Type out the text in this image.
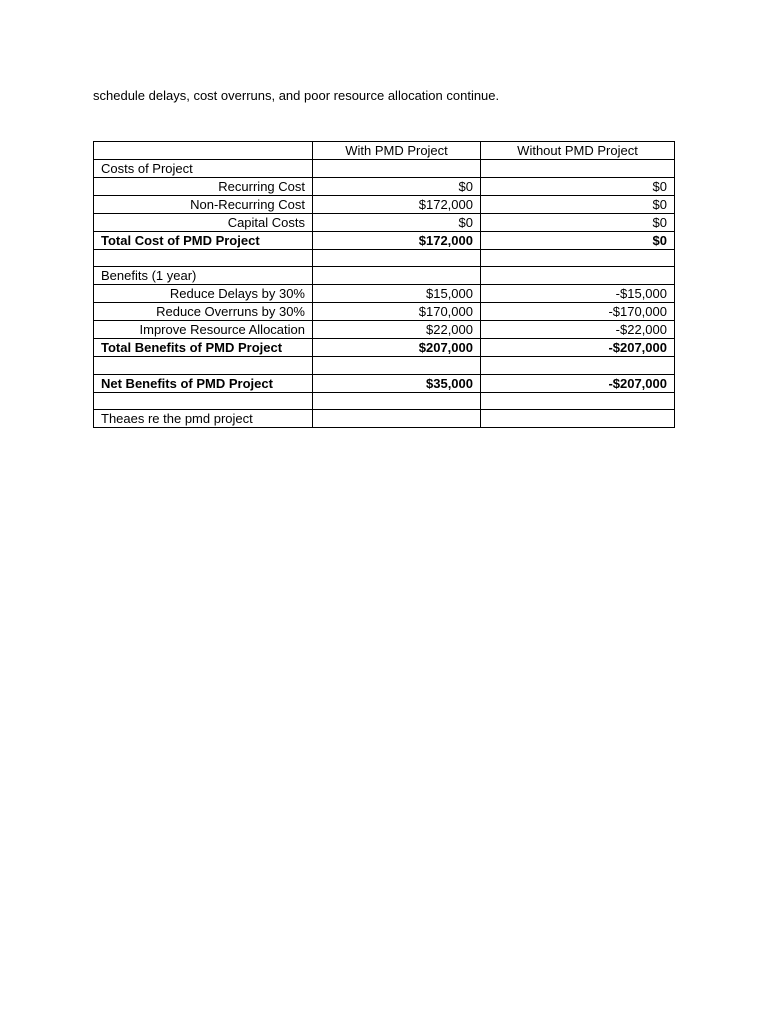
schedule delays, cost overruns, and poor resource allocation continue.
	With PMD Project	Without PMD Project
Costs of Project		
Recurring Cost	$0	$0
Non-Recurring Cost	$172,000	$0
Capital Costs	$0	$0
Total Cost of PMD Project	$172,000	$0

Benefits (1 year)		
Reduce Delays by 30%	$15,000	-$15,000
Reduce Overruns by 30%	$170,000	-$170,000
Improve Resource Allocation	$22,000	-$22,000
Total Benefits of PMD Project	$207,000	-$207,000

Net Benefits of PMD Project	$35,000	-$207,000

Theaes re the pmd project		
